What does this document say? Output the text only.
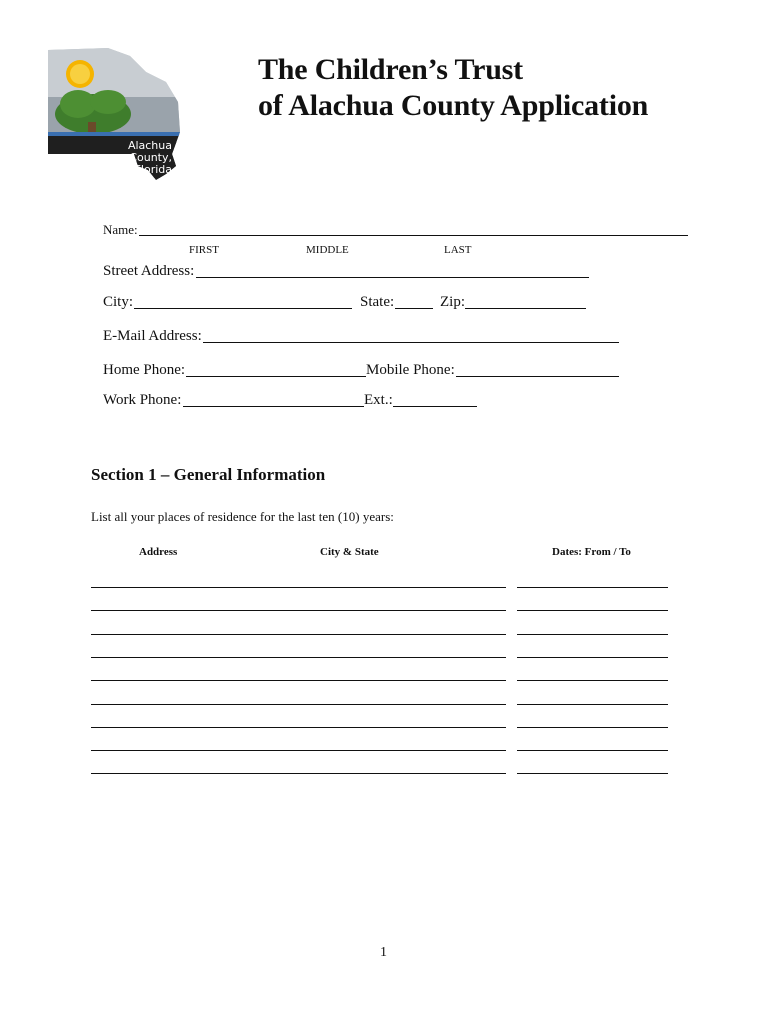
Alachua County,
Florida
The Children’s Trust
of Alachua County Application
Name:
FIRST	MIDDLE	LAST
Street Address:
City:	State:	Zip:
E-Mail Address:
Home Phone:	Mobile Phone:
Work Phone:	Ext.:
Section 1 – General Information
List all your places of residence for the last ten (10) years:
Address	City & State	Dates: From / To
1
